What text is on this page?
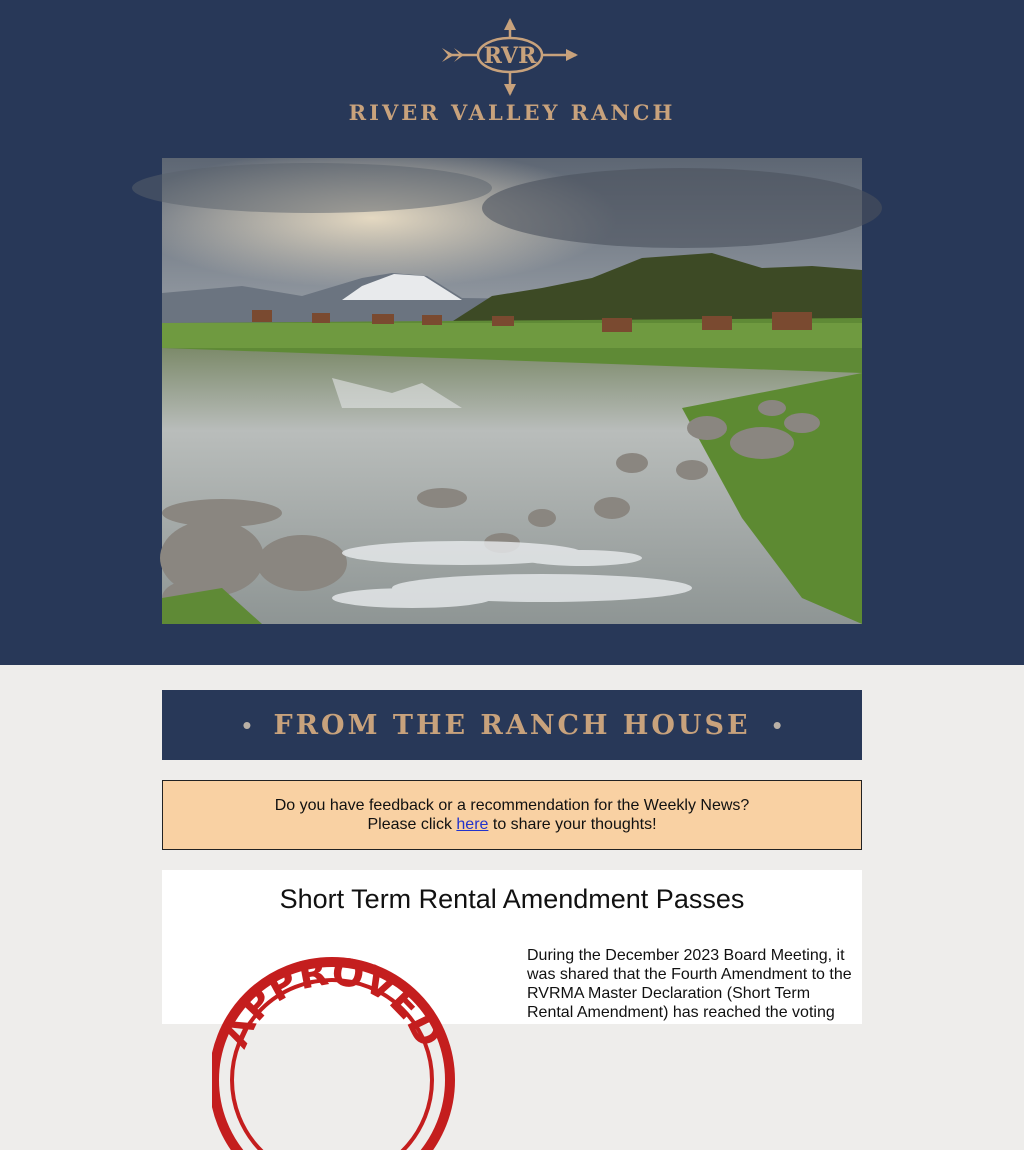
RVR
RIVER VALLEY RANCH
• FROM THE RANCH HOUSE •
Do you have feedback or a recommendation for the Weekly News?
Please click here to share your thoughts!
Short Term Rental Amendment Passes
APPROVED
During the December 2023 Board Meeting, it was shared that the Fourth Amendment to the RVRMA Master Declaration (Short Term Rental Amendment) has reached the voting
